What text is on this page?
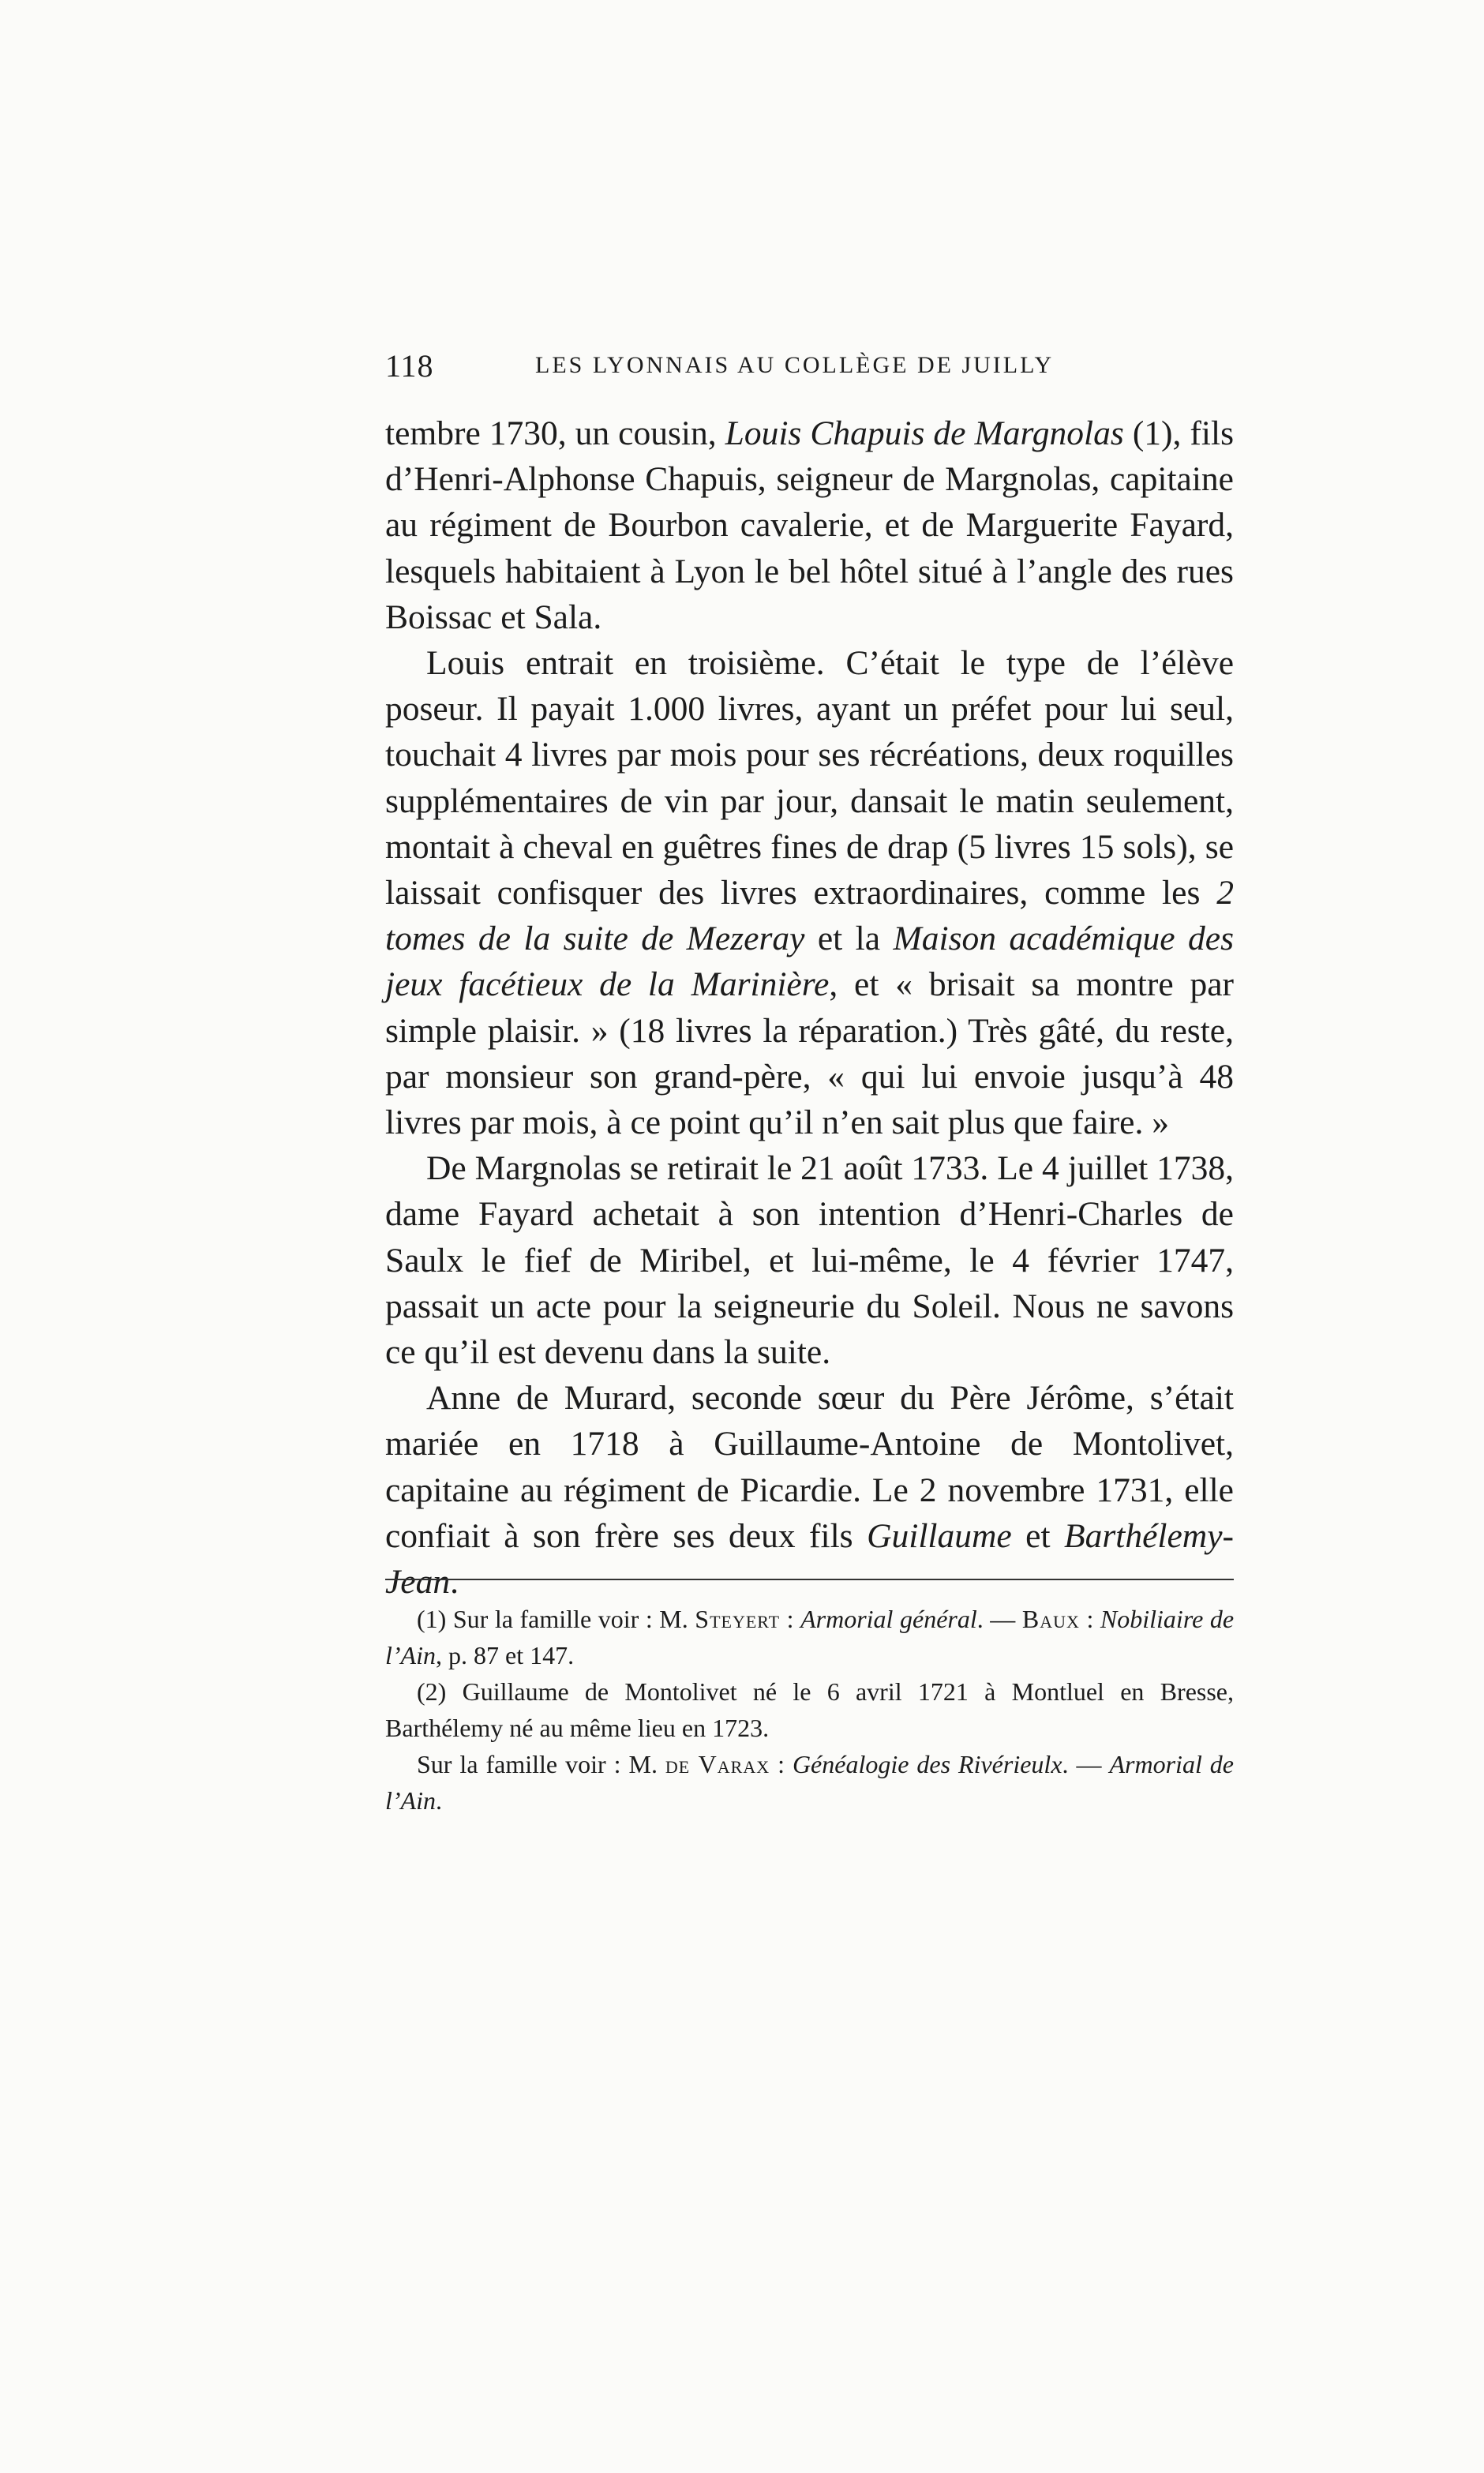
118	LES LYONNAIS AU COLLÈGE DE JUILLY

tembre 1730, un cousin, Louis Chapuis de Margnolas (1), fils d’Henri-Alphonse Chapuis, seigneur de Margnolas, capitaine au régiment de Bourbon cavalerie, et de Marguerite Fayard, lesquels habitaient à Lyon le bel hôtel situé à l’angle des rues Boissac et Sala.

Louis entrait en troisième. C’était le type de l’élève poseur. Il payait 1.000 livres, ayant un préfet pour lui seul, touchait 4 livres par mois pour ses récréations, deux roquilles supplémentaires de vin par jour, dansait le matin seulement, montait à cheval en guêtres fines de drap (5 livres 15 sols), se laissait confisquer des livres extraordinaires, comme les 2 tomes de la suite de Mezeray et la Maison académique des jeux facétieux de la Marinière, et « brisait sa montre par simple plaisir. » (18 livres la réparation.) Très gâté, du reste, par monsieur son grand-père, « qui lui envoie jusqu’à 48 livres par mois, à ce point qu’il n’en sait plus que faire. »

De Margnolas se retirait le 21 août 1733. Le 4 juillet 1738, dame Fayard achetait à son intention d’Henri-Charles de Saulx le fief de Miribel, et lui-même, le 4 février 1747, passait un acte pour la seigneurie du Soleil. Nous ne savons ce qu’il est devenu dans la suite.

Anne de Murard, seconde sœur du Père Jérôme, s’était mariée en 1718 à Guillaume-Antoine de Montolivet, capitaine au régiment de Picardie. Le 2 novembre 1731, elle confiait à son frère ses deux fils Guillaume et Barthélemy-Jean.

(1) Sur la famille voir : M. Steyert : Armorial général. — Baux : Nobiliaire de l’Ain, p. 87 et 147.

(2) Guillaume de Montolivet né le 6 avril 1721 à Montluel en Bresse, Barthélemy né au même lieu en 1723.

Sur la famille voir : M. de Varax : Généalogie des Rivérieulx. — Armorial de l’Ain.
